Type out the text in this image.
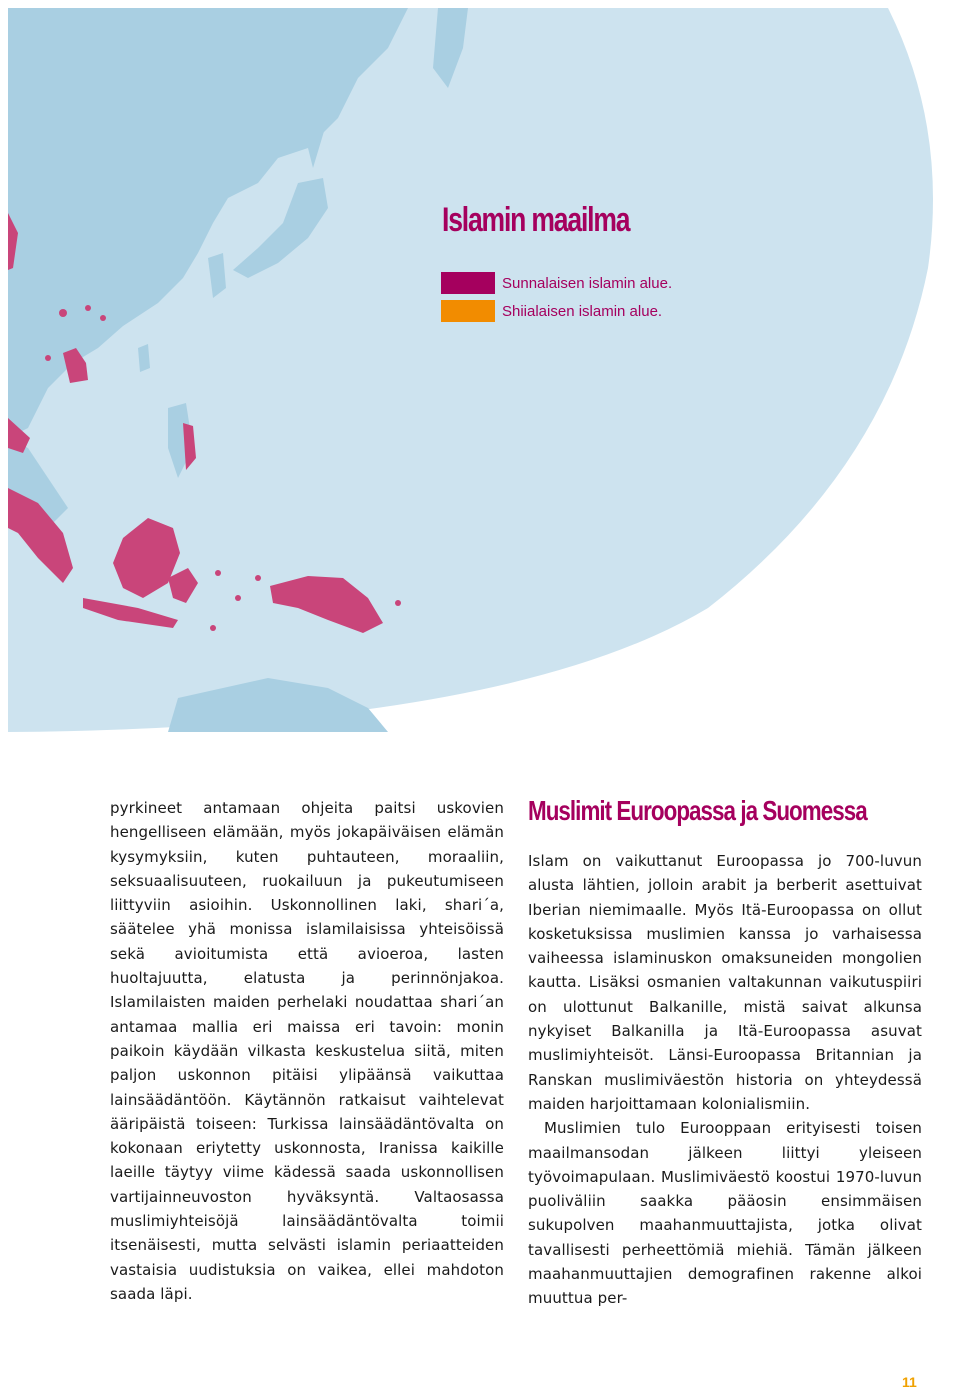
Islamin maailma
Sunnalaisen islamin alue.
Shiialaisen islamin alue.

pyrkineet antamaan ohjeita paitsi uskovien hengelliseen elämään, myös jokapäiväisen elämän kysymyksiin, kuten puhtauteen, moraaliin, seksuaalisuuteen, ruokailuun ja pukeutumiseen liittyviin asioihin. Uskonnollinen laki, shari´a, säätelee yhä monissa islamilaisissa yhteisöissä sekä avioitumista että avioeroa, lasten huoltajuutta, elatusta ja perinnönjakoa. Islamilaisten maiden perhelaki noudattaa shari´an antamaa mallia eri maissa eri tavoin: monin paikoin käydään vilkasta keskustelua siitä, miten paljon uskonnon pitäisi ylipäänsä vaikuttaa lainsäädäntöön. Käytännön ratkaisut vaihtelevat ääripäistä toiseen: Turkissa lainsäädäntövalta on kokonaan eriytetty uskonnosta, Iranissa kaikille laeille täytyy viime kädessä saada uskonnollisen vartijainneuvoston hyväksyntä. Valtaosassa muslimiyhteisöjä lainsäädäntövalta toimii itsenäisesti, mutta selvästi islamin periaatteiden vastaisia uudistuksia on vaikea, ellei mahdoton saada läpi.

Muslimit Euroopassa ja Suomessa

Islam on vaikuttanut Euroopassa jo 700-luvun alusta lähtien, jolloin arabit ja berberit asettuivat Iberian niemimaalle. Myös Itä-Euroopassa on ollut kosketuksissa muslimien kanssa jo varhaisessa vaiheessa islaminuskon omaksuneiden mongolien kautta. Lisäksi osmanien valtakunnan vaikutuspiiri on ulottunut Balkanille, mistä saivat alkunsa nykyiset Balkanilla ja Itä-Euroopassa asuvat muslimiyhteisöt. Länsi-Euroopassa Britannian ja Ranskan muslimiväestön historia on yhteydessä maiden harjoittamaan kolonialismiin.

Muslimien tulo Eurooppaan erityisesti toisen maailmansodan jälkeen liittyi yleiseen työvoimapulaan. Muslimiväestö koostui 1970-luvun puoliväliin saakka pääosin ensimmäisen sukupolven maahanmuuttajista, jotka olivat tavallisesti perheettömiä miehiä. Tämän jälkeen maahanmuuttajien demografinen rakenne alkoi muuttua per-

11
